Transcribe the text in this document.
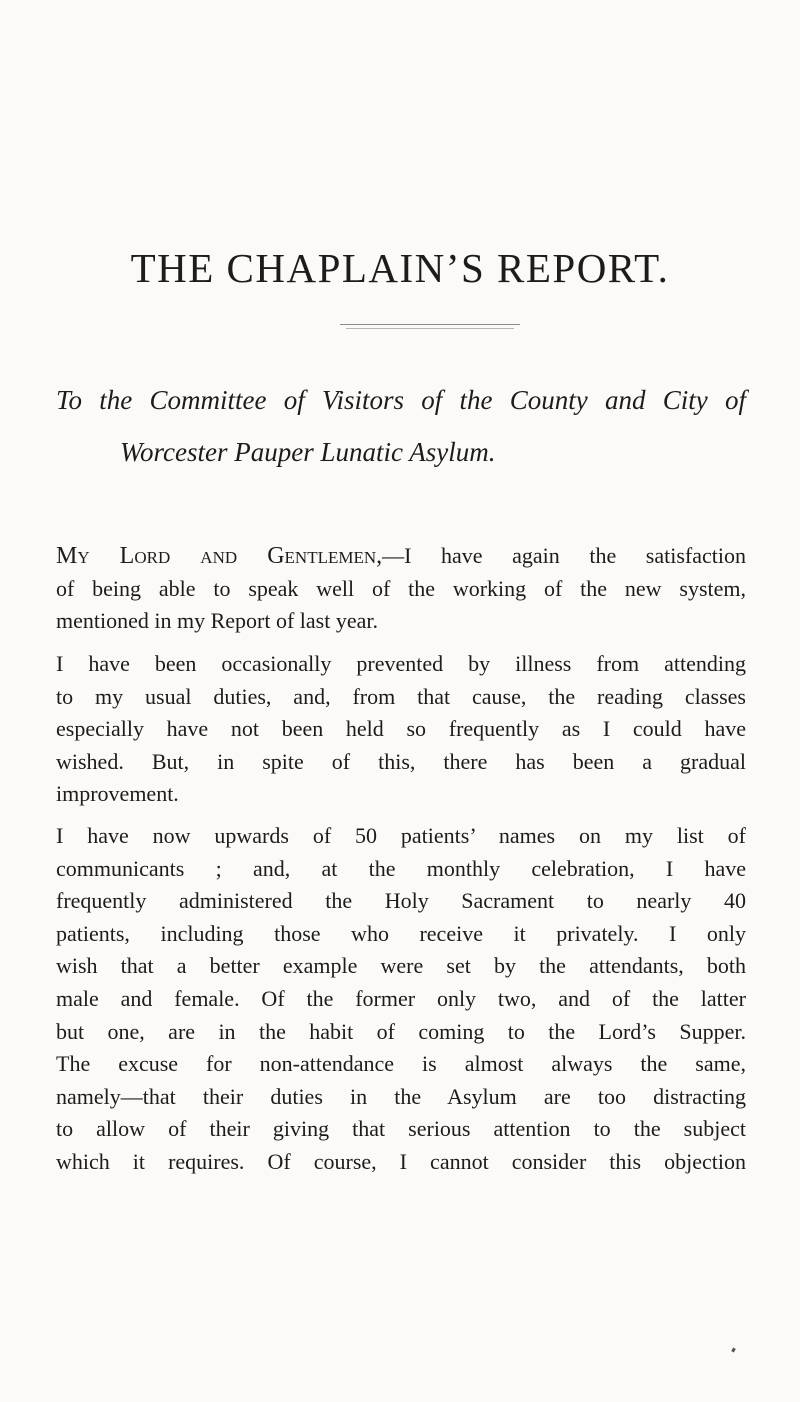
THE CHAPLAIN’S REPORT.

To the Committee of Visitors of the County and City of
Worcester Pauper Lunatic Asylum.

My Lord and Gentlemen,—I have again the satisfaction
of being able to speak well of the working of the new system,
mentioned in my Report of last year.
I have been occasionally prevented by illness from attending
to my usual duties, and, from that cause, the reading classes
especially have not been held so frequently as I could have
wished. But, in spite of this, there has been a gradual
improvement.
I have now upwards of 50 patients’ names on my list of
communicants ; and, at the monthly celebration, I have
frequently administered the Holy Sacrament to nearly 40
patients, including those who receive it privately. I only
wish that a better example were set by the attendants, both
male and female. Of the former only two, and of the latter
but one, are in the habit of coming to the Lord’s Supper.
The excuse for non-attendance is almost always the same,
namely—that their duties in the Asylum are too distracting
to allow of their giving that serious attention to the subject
which it requires. Of course, I cannot consider this objection
